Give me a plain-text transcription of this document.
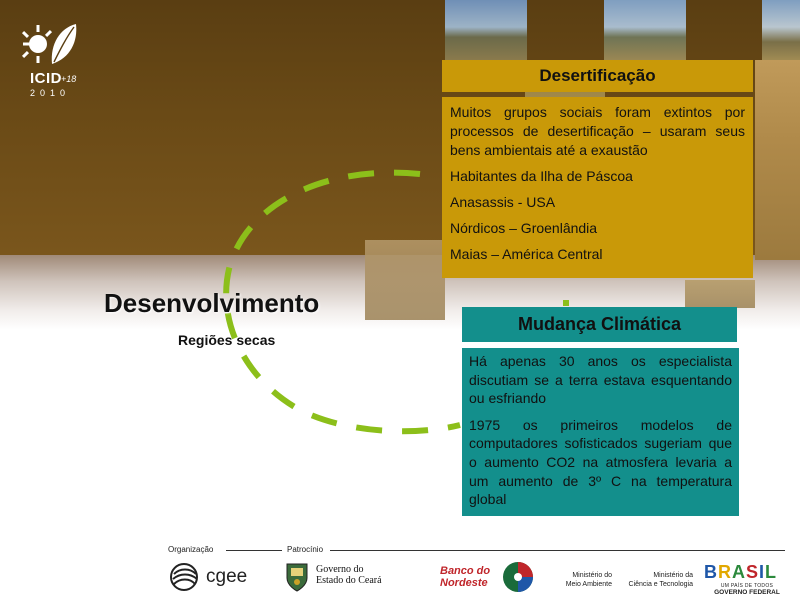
ICID +18
2010
Desenvolvimento
Regiões secas
Desertificação

Muitos grupos sociais foram extintos por processos de desertificação – usaram seus bens ambientais até a exaustão

Habitantes da Ilha de Páscoa

Anasassis - USA

Nórdicos – Groenlândia

Maias – América Central

Mudança Climática

Há apenas 30 anos os especialista discutiam se a terra estava esquentando ou esfriando

1975 os primeiros modelos de computadores sofisticados sugeriam que o aumento CO2 na atmosfera levaria a um aumento de 3º C na temperatura global

Organização	Patrocínio
cgee	Governo do
Estado do Ceará
Banco do
Nordeste
Ministério do
Meio Ambiente
Ministério da
Ciência e Tecnologia
BRASIL
UM PAÍS DE TODOS
GOVERNO FEDERAL
